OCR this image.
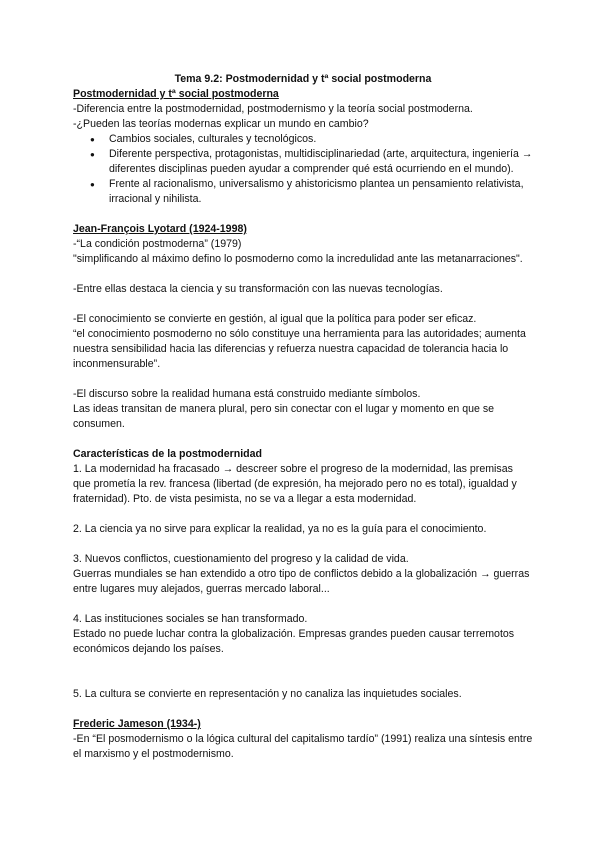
Tema 9.2: Postmodernidad y tª social postmoderna

Postmodernidad y tª social postmoderna

-Diferencia entre la postmodernidad, postmodernismo y la teoría social postmoderna.

-¿Pueden las teorías modernas explicar un mundo en cambio?

● Cambios sociales, culturales y tecnológicos.
● Diferente perspectiva, protagonistas, multidisciplinariedad (arte, arquitectura, ingeniería → diferentes disciplinas pueden ayudar a comprender qué está ocurriendo en el mundo).
● Frente al racionalismo, universalismo y ahistoricismo plantea un pensamiento relativista, irracional y nihilista.

Jean-François Lyotard (1924-1998)

-“La condición postmoderna” (1979)

"simplificando al máximo defino lo posmoderno como la incredulidad ante las metanarraciones".

-Entre ellas destaca la ciencia y su transformación con las nuevas tecnologías.

-El conocimiento se convierte en gestión, al igual que la política para poder ser eficaz.

“el conocimiento posmoderno no sólo constituye una herramienta para las autoridades; aumenta nuestra sensibilidad hacia las diferencias y refuerza nuestra capacidad de tolerancia hacia lo inconmensurable”.

-El discurso sobre la realidad humana está construido mediante símbolos.

Las ideas transitan de manera plural, pero sin conectar con el lugar y momento en que se consumen.

Características de la postmodernidad

1. La modernidad ha fracasado → descreer sobre el progreso de la modernidad, las premisas que prometía la rev. francesa (libertad (de expresión, ha mejorado pero no es total), igualdad y fraternidad). Pto. de vista pesimista, no se va a llegar a esta modernidad.

2. La ciencia ya no sirve para explicar la realidad, ya no es la guía para el conocimiento.

3. Nuevos conflictos, cuestionamiento del progreso y la calidad de vida.

Guerras mundiales se han extendido a otro tipo de conflictos debido a la globalización → guerras entre lugares muy alejados, guerras mercado laboral...

4. Las instituciones sociales se han transformado.

Estado no puede luchar contra la globalización. Empresas grandes pueden causar terremotos económicos dejando los países.

5. La cultura se convierte en representación y no canaliza las inquietudes sociales.

Frederic Jameson (1934-)

-En “El posmodernismo o la lógica cultural del capitalismo tardío” (1991) realiza una síntesis entre el marxismo y el postmodernismo.
